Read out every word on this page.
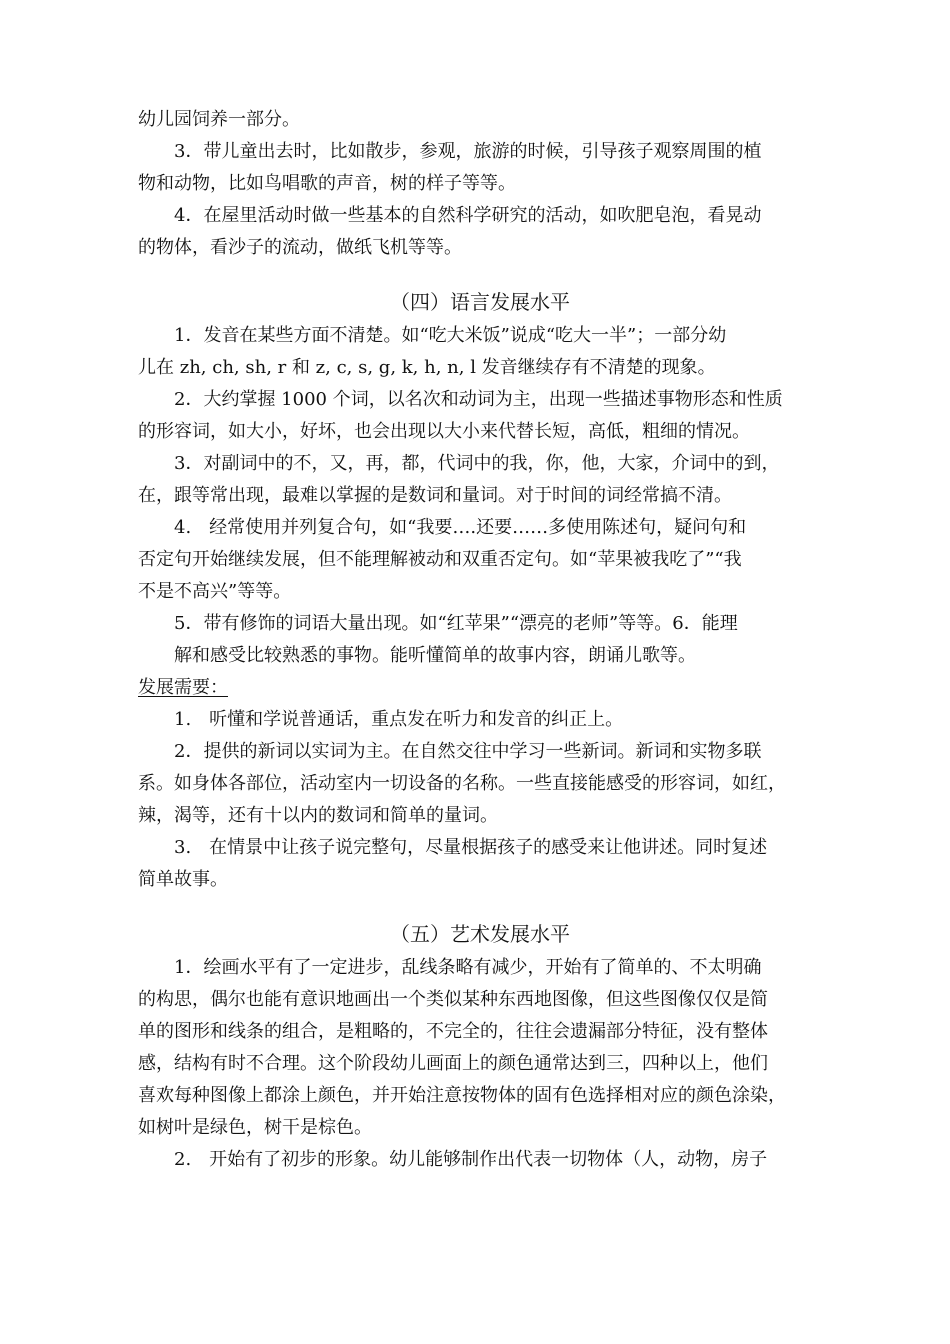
幼儿园饲养一部分。
3．带儿童出去时，比如散步，参观，旅游的时候，引导孩子观察周围的植
物和动物，比如鸟唱歌的声音，树的样子等等。
4．在屋里活动时做一些基本的自然科学研究的活动，如吹肥皂泡，看晃动
的物体，看沙子的流动，做纸飞机等等。
（四）语言发展水平
1．发音在某些方面不清楚。如“吃大米饭”说成“吃大一半”；一部分幼
儿在 zh, ch, sh, r 和 z, c, s, g, k, h, n, l 发音继续存有不清楚的现象。
2．大约掌握 1000 个词，以名次和动词为主，出现一些描述事物形态和性质
的形容词，如大小，好坏，也会出现以大小来代替长短，高低，粗细的情况。
3．对副词中的不，又，再，都，代词中的我，你，他，大家，介词中的到，
在，跟等常出现，最难以掌握的是数词和量词。对于时间的词经常搞不清。
4.　经常使用并列复合句，如“我要….还要……多使用陈述句，疑问句和
否定句开始继续发展，但不能理解被动和双重否定句。如“苹果被我吃了”“我
不是不高兴”等等。
5．带有修饰的词语大量出现。如“红苹果”“漂亮的老师”等等。6．能理
解和感受比较熟悉的事物。能听懂简单的故事内容，朗诵儿歌等。
发展需要：
1.　听懂和学说普通话，重点发在听力和发音的纠正上。
2．提供的新词以实词为主。在自然交往中学习一些新词。新词和实物多联
系。如身体各部位，活动室内一切设备的名称。一些直接能感受的形容词，如红，
辣，渴等，还有十以内的数词和简单的量词。
3.　在情景中让孩子说完整句，尽量根据孩子的感受来让他讲述。同时复述
简单故事。
（五）艺术发展水平
1．绘画水平有了一定进步，乱线条略有减少，开始有了简单的、不太明确
的构思，偶尔也能有意识地画出一个类似某种东西地图像，但这些图像仅仅是简
单的图形和线条的组合，是粗略的，不完全的，往往会遗漏部分特征，没有整体
感，结构有时不合理。这个阶段幼儿画面上的颜色通常达到三，四种以上，他们
喜欢每种图像上都涂上颜色，并开始注意按物体的固有色选择相对应的颜色涂染，
如树叶是绿色，树干是棕色。
2.　开始有了初步的形象。幼儿能够制作出代表一切物体（人，动物，房子
